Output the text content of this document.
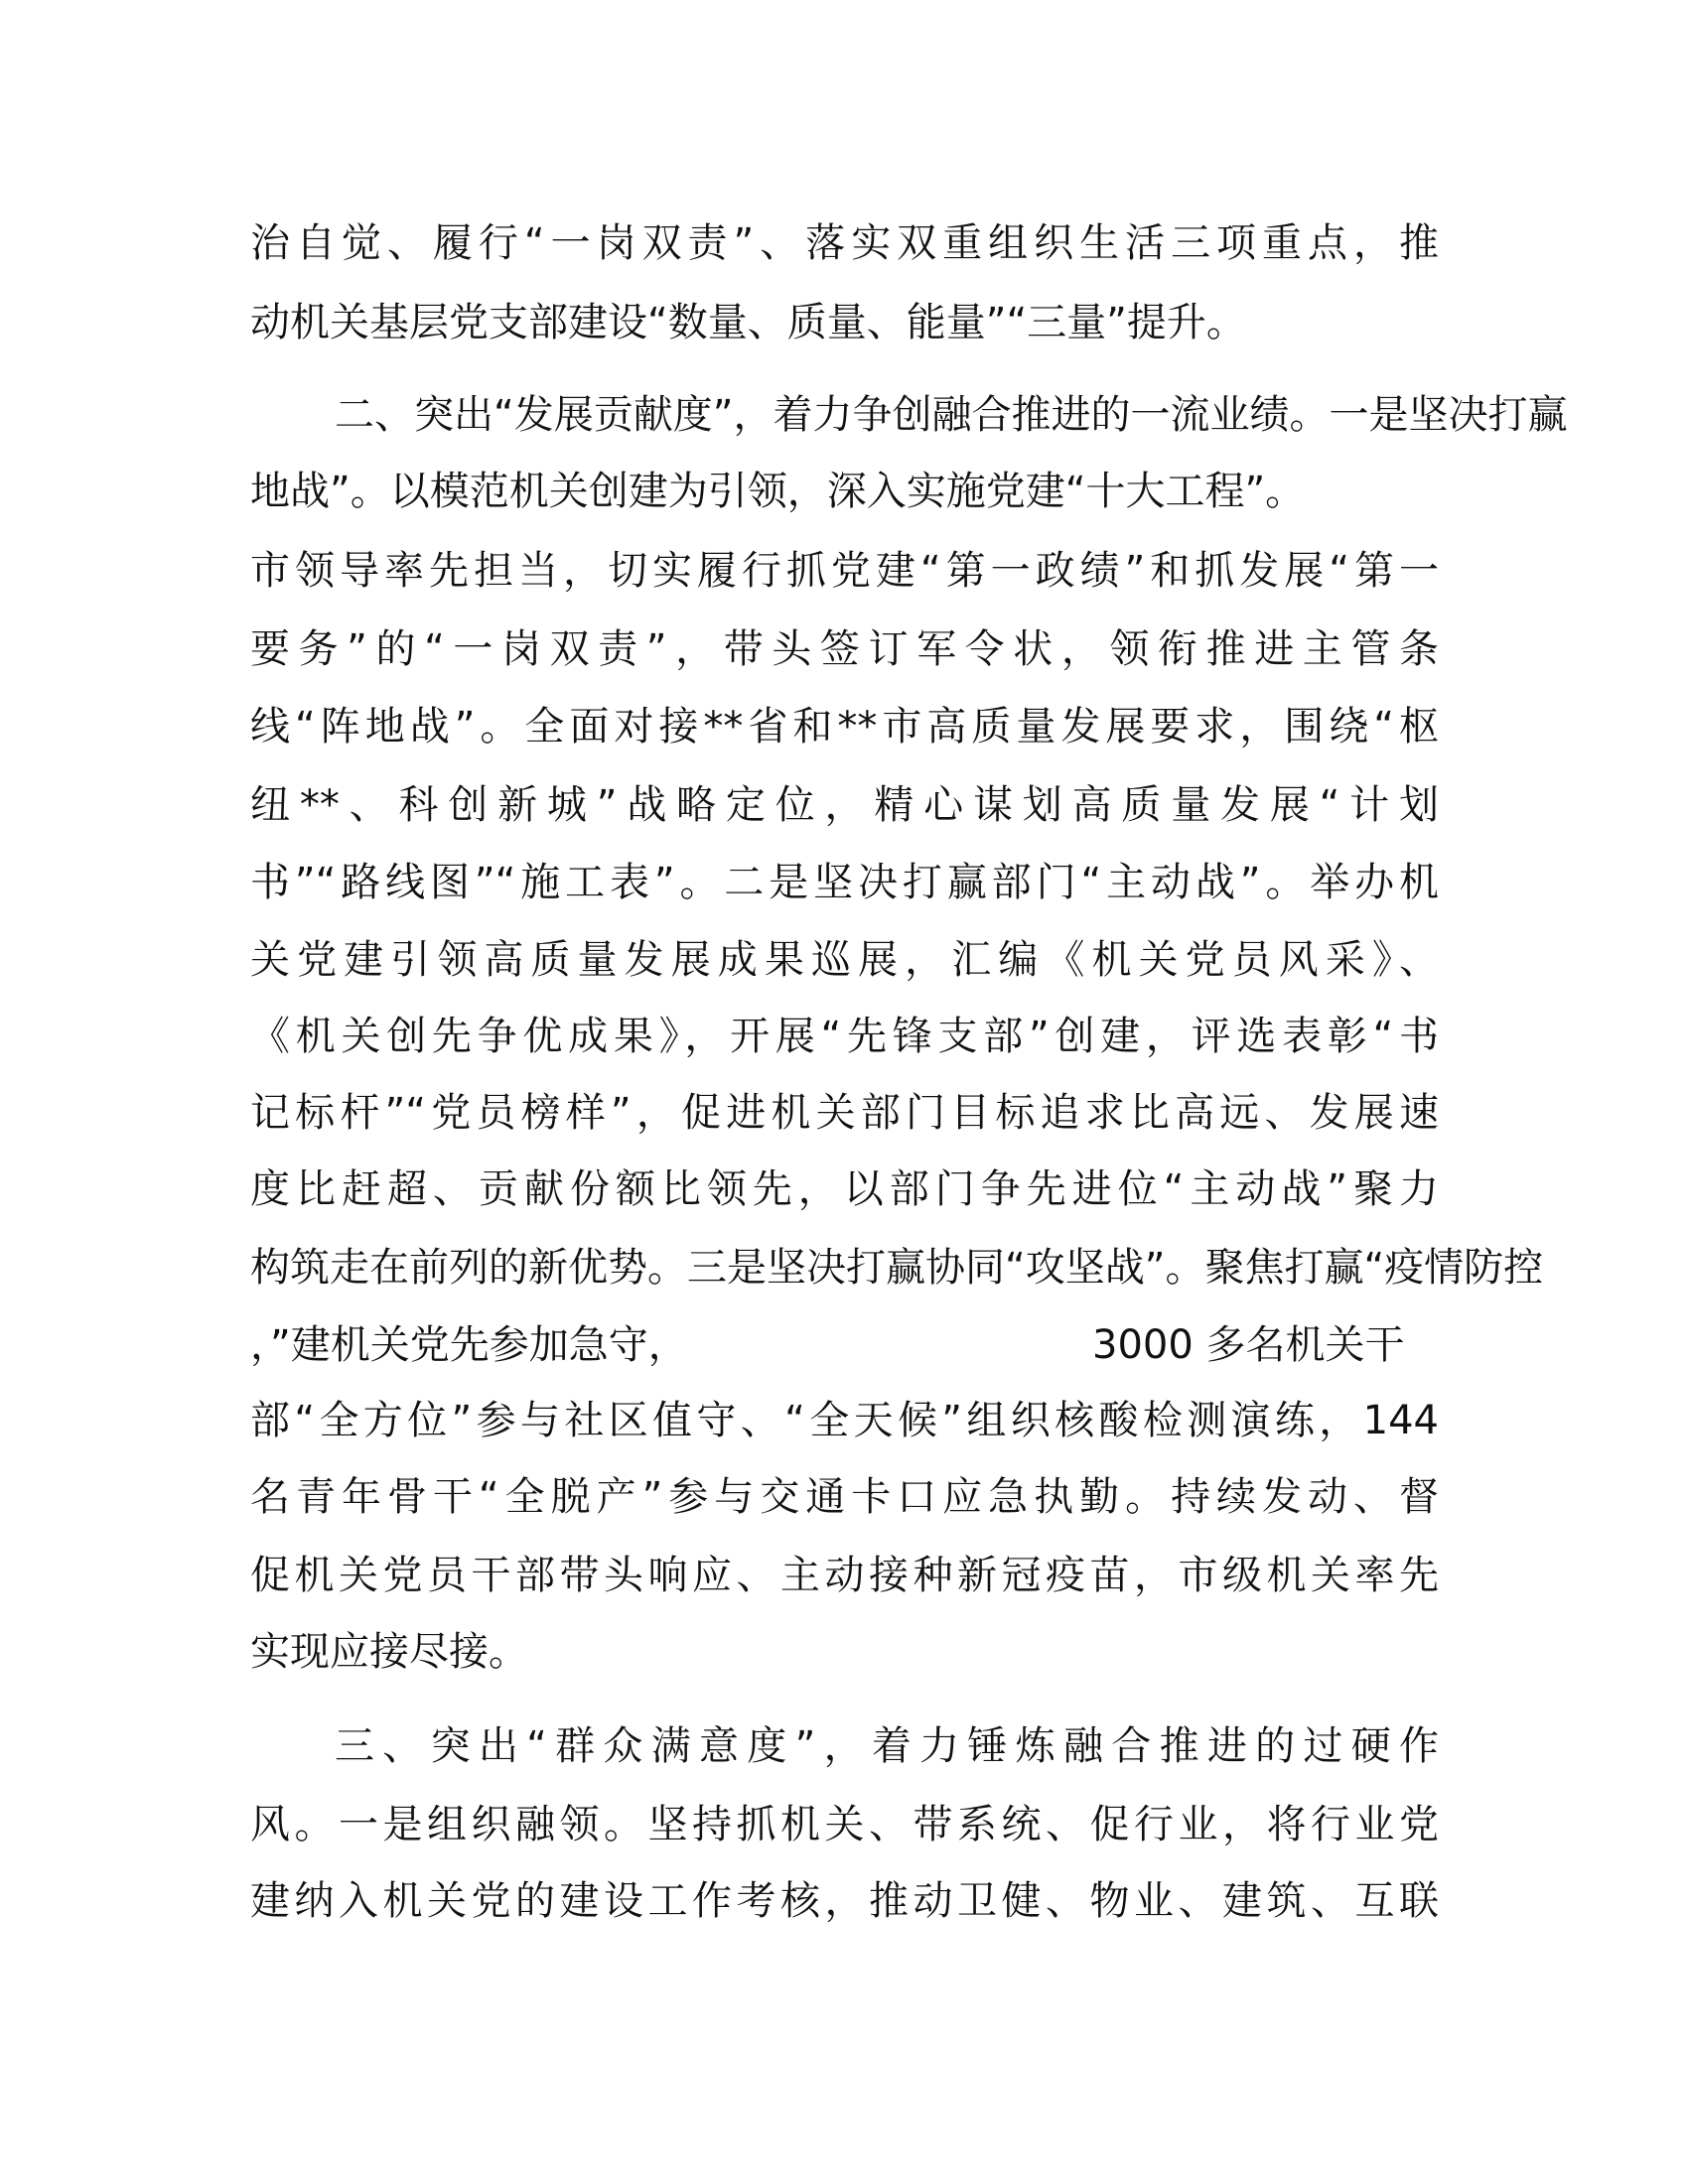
治自觉、履行“一岗双责”、落实双重组织生活三项重点，推
动机关基层党支部建设“数量、质量、能量”“三量”提升。
二、突出“发展贡献度”，着力争创融合推进的一流业绩。一是坚决打赢
地战”。以模范机关创建为引领，深入实施党建“十大工程”。
市领导率先担当，切实履行抓党建“第一政绩”和抓发展“第一
要务”的“一岗双责”，带头签订军令状，领衔推进主管条
线“阵地战”。全面对接**省和**市高质量发展要求，围绕“枢
纽**、科创新城”战略定位，精心谋划高质量发展“计划
书”“路线图”“施工表”。二是坚决打赢部门“主动战”。举办机
关党建引领高质量发展成果巡展，汇编《机关党员风采》、
《机关创先争优成果》，开展“先锋支部”创建，评选表彰“书
记标杆”“党员榜样”，促进机关部门目标追求比高远、发展速
度比赶超、贡献份额比领先，以部门争先进位“主动战”聚力
构筑走在前列的新优势。三是坚决打赢协同“攻坚战”。聚焦打赢“疫情防控
，”建机关党先参加急守，	3000 多名机关干
部“全方位”参与社区值守、“全天候”组织核酸检测演练，144
名青年骨干“全脱产”参与交通卡口应急执勤。持续发动、督
促机关党员干部带头响应、主动接种新冠疫苗，市级机关率先
实现应接尽接。
三、突出“群众满意度”，着力锤炼融合推进的过硬作
风。一是组织融领。坚持抓机关、带系统、促行业，将行业党
建纳入机关党的建设工作考核，推动卫健、物业、建筑、互联
